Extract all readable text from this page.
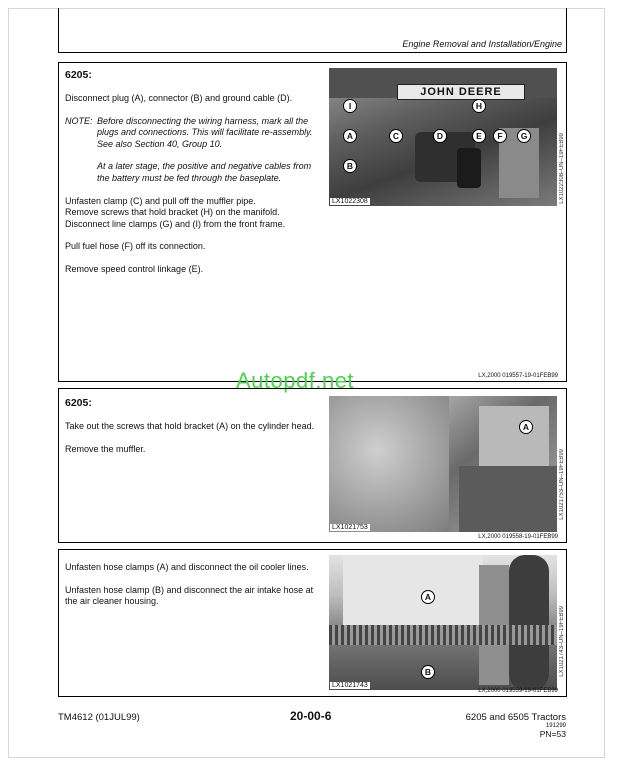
Engine Removal and Installation/Engine
6205:

Disconnect plug (A), connector (B) and ground cable (D).

NOTE: Before disconnecting the wiring harness, mark all the plugs and connections. This will facilitate re-assembly. See also Section 40, Group 10.

At a later stage, the positive and negative cables from the battery must be fed through the baseplate.

Unfasten clamp (C) and pull off the muffler pipe.
Remove screws that hold bracket (H) on the manifold.
Disconnect line clamps (G) and (I) from the front frame.

Pull fuel hose (F) off its connection.

Remove speed control linkage (E).

JOHN DEERE
I	H
A	C	D	E	F	G
B
LX1022308
–UN–19FEB99
LX1022308
LX,2000 019557-19-01FEB99
Autopdf.net
6205:

Take out the screws that hold bracket (A) on the cylinder head.

Remove the muffler.

A
LX1021753
–UN–19FEB99
LX1021753
LX,2000 019558-19-01FEB99

Unfasten hose clamps (A) and disconnect the oil cooler lines.

Unfasten hose clamp (B) and disconnect the air intake hose at the air cleaner housing.	A
B
LX1021743
–UN–19FEB99
LX1021743
LX,2000 019559-19-01FEB99
TM4612 (01JUL99)	20-00-6	6205 and 6505 Tractors
191299
PN=53
